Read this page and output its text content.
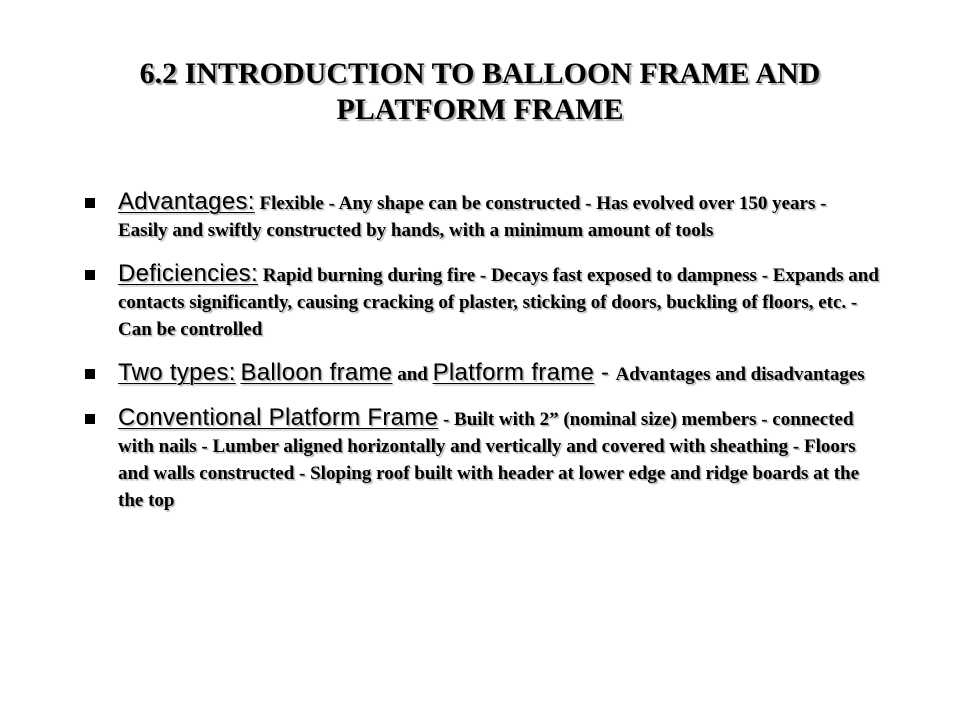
6.2 INTRODUCTION TO BALLOON FRAME AND
PLATFORM FRAME
Advantages: Flexible - Any shape can be constructed - Has evolved over 150 years - Easily and swiftly constructed by hands, with a minimum amount of tools
Deficiencies: Rapid burning during fire - Decays fast exposed to dampness - Expands and contacts significantly, causing cracking of plaster, sticking of doors, buckling of floors, etc. - Can be controlled
Two types: Balloon frame and Platform frame - Advantages and disadvantages
Conventional Platform Frame - Built with 2” (nominal size) members - connected with nails - Lumber aligned horizontally and vertically and covered with sheathing - Floors and walls constructed - Sloping roof built with header at lower edge and ridge boards at the the top
